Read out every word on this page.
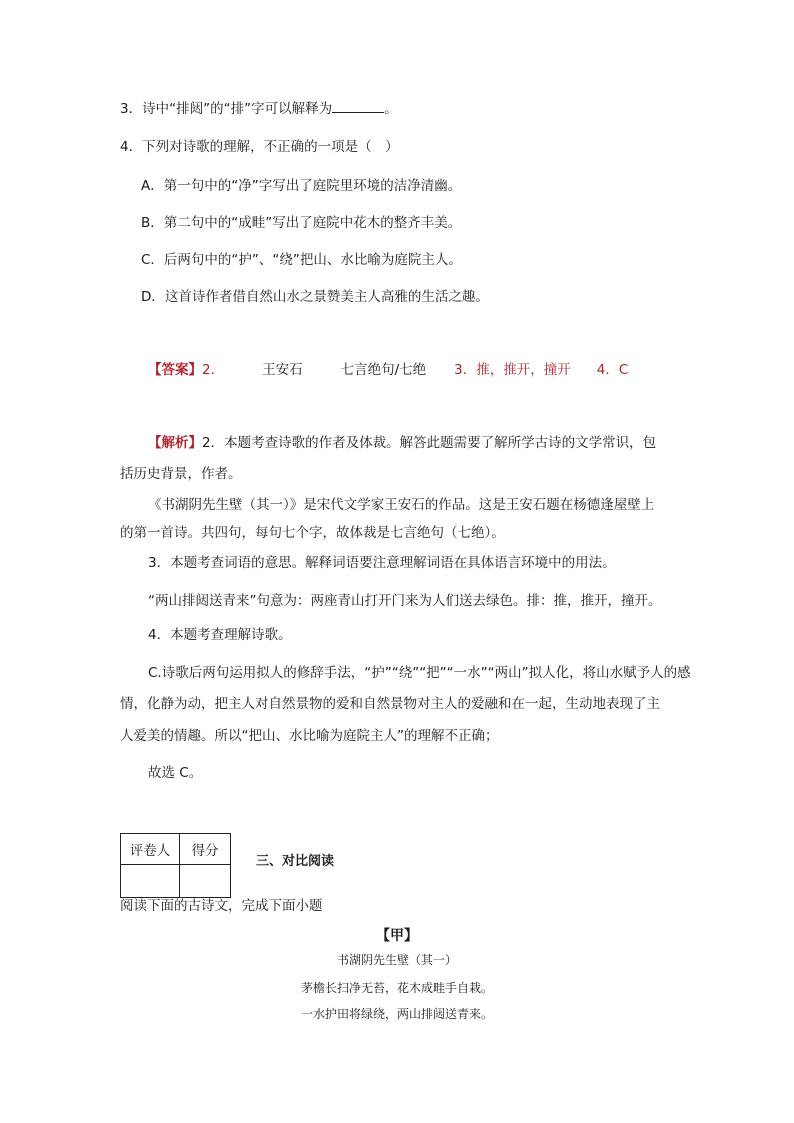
3．诗中“排闼”的“排”字可以解释为	。
4．下列对诗歌的理解，不正确的一项是（　）
A．第一句中的“净”字写出了庭院里环境的洁净清幽。
B．第二句中的“成畦”写出了庭院中花木的整齐丰美。
C．后两句中的“护”、“绕”把山、水比喻为庭院主人。
D．这首诗作者借自然山水之景赞美主人高雅的生活之趣。
【答案】2．	王安石	七言绝句/七绝 3．推，推开，撞开 4．C
【解析】2．本题考查诗歌的作者及体裁。解答此题需要了解所学古诗的文学常识，包
括历史背景，作者。
《书湖阴先生壁（其一）》是宋代文学家王安石的作品。这是王安石题在杨德逢屋壁上
的第一首诗。共四句，每句七个字，故体裁是七言绝句（七绝）。
3．本题考查词语的意思。解释词语要注意理解词语在具体语言环境中的用法。
“两山排闼送青来”句意为：两座青山打开门来为人们送去绿色。排：推，推开，撞开。
4．本题考查理解诗歌。
C.诗歌后两句运用拟人的修辞手法，“护”“绕”“把”“一水”“两山”拟人化，将山水赋予人的感
情，化静为动，把主人对自然景物的爱和自然景物对主人的爱融和在一起，生动地表现了主
人爱美的情趣。所以“把山、水比喻为庭院主人”的理解不正确；
故选 C。
评卷人	得分

三、对比阅读
阅读下面的古诗文，完成下面小题
【甲】
书湖阴先生壁（其一）
茅檐长扫净无苔，花木成畦手自栽。
一水护田将绿绕，两山排闼送青来。
